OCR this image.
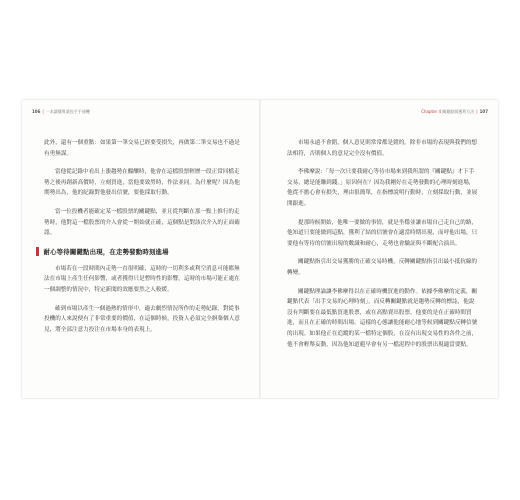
106 | 一本讀懂專業投手手冊機

此外，還有一個重點：如果第一筆交易已經要受損失，再做第二筆交易也不過是有勇無謀。

當他從記錄中看出上漲趨勢在醞釀時，他會在這檔股票輕歷一段正常回檔走勢之後再創新高價時，立刻買進，當他要致勞時，作法並同。為什麼呢？因為他期勢出為，他的紀錄對他發出信號，要他採取行動。

當一位投機者能確定某一檔股票的關鍵點，並且從判斷在那一點上推行的走勢時，他對這一檔股票的介入會從一開始就正確，這個點是對該次介入的正面確認。

耐心等待關鍵點出現，在走勢發動時刻進場

市場若在一段時間內走勢一直很明確，這時的一切利多或利空消息可能都無法在市場上產生任何影響，或者獲得只是暫時性的影響。這時的市場可能正處在一個調整的情況中，特定新聞的效應要然之人較緩。

確到市場以產生一個過熱的情形中，適去劇烈情況所作的走勢紀錄，對從事投機的人來說便有了非常重要的價值，在這個時候，投資人必須完全摒棄個人意見，將全部注意力投注在市場本身的表現上。

Chapter 4 關鍵點與獲利方法 | 107

市場永遠不會錯，個人意見則常常都是錯的。除非市場的表現與我們的想法相符，否則個人的意見完全沒有價值。

李佛摩說：「每一次只要我耐心等待市場來到我所謂的『關鍵點』才下手交易，總是能賺到錢。」原因何在？因為我剛好在走勢發動的心理時刻進場，他從不擔心會有損失，理由很簡單，在指標說明行動時，立刻採取行動，並展開跟進。

提那時候開始，他唯一要做的事情，就是坐穩並讓市場自己走自己的路，他知道只要能做到這點，獲利了結的信號會在適當時期出現，而呼他出場，只要他有等待的信號出現的數識和耐心，走勢也會驗証與不斷配合演出。

關鍵點指引出交易獲勝的正確交易時機，反轉關鍵點指引出最小抵抗線的轉變。

關鍵點理論讓李佛摩得以在正確時機買進的動作。依據李佛摩的定義，關鍵點代表「出手交易的心理時刻」，而反轉關鍵點就是趨勢反轉的標誌，他說沒有判斷要在最低點買進股票，或在高點賣出股票，他要的是在正確時間買進，而且在正確的時間出場。這樣的心態讓他能耐心地等候到關鍵點反轉信號的出現。如果他正在追蹤的某一檔特定個股，在沒有出現交易性的各件之前，他不會輕舉妄動，因為他知道避早會有另一檔泥程中的股票出現適當要點。
